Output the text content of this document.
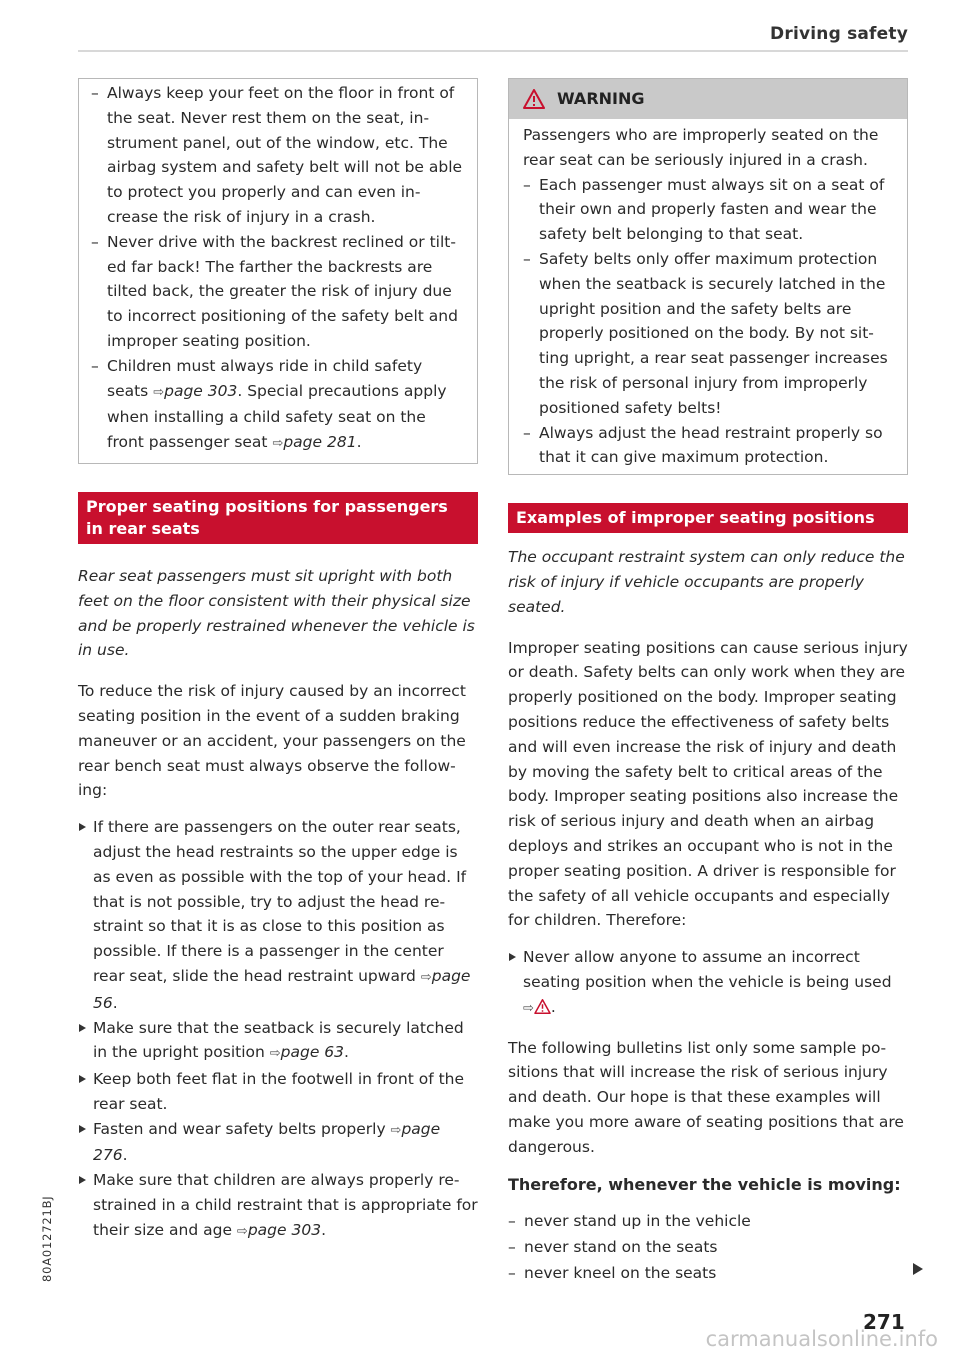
Driving safety
– Always keep your feet on the floor in front of the seat. Never rest them on the seat, instrument panel, out of the window, etc. The airbag system and safety belt will not be able to protect you properly and can even increase the risk of injury in a crash.
– Never drive with the backrest reclined or tilted far back! The farther the backrests are tilted back, the greater the risk of injury due to incorrect positioning of the safety belt and improper seating position.
– Children must always ride in child safety seats ⇨page 303. Special precautions apply when installing a child safety seat on the front passenger seat ⇨page 281.
Proper seating positions for passengers in rear seats

Rear seat passengers must sit upright with both feet on the floor consistent with their physical size and be properly restrained whenever the vehicle is in use.

To reduce the risk of injury caused by an incorrect seating position in the event of a sudden braking maneuver or an accident, your passengers on the rear bench seat must always observe the following:

If there are passengers on the outer rear seats, adjust the head restraints so the upper edge is as even as possible with the top of your head. If that is not possible, try to adjust the head restraint so that it is as close to this position as possible. If there is a passenger in the center rear seat, slide the head restraint upward ⇨page 56.
Make sure that the seatback is securely latched in the upright position ⇨page 63.
Keep both feet flat in the footwell in front of the rear seat.
Fasten and wear safety belts properly ⇨page 276.
Make sure that children are always properly restrained in a child restraint that is appropriate for their size and age ⇨page 303.
WARNING

Passengers who are improperly seated on the rear seat can be seriously injured in a crash.

– Each passenger must always sit on a seat of their own and properly fasten and wear the safety belt belonging to that seat.
– Safety belts only offer maximum protection when the seatback is securely latched in the upright position and the safety belts are properly positioned on the body. By not sitting upright, a rear seat passenger increases the risk of personal injury from improperly positioned safety belts!
– Always adjust the head restraint properly so that it can give maximum protection.
Examples of improper seating positions

The occupant restraint system can only reduce the risk of injury if vehicle occupants are properly seated.

Improper seating positions can cause serious injury or death. Safety belts can only work when they are properly positioned on the body. Improper seating positions reduce the effectiveness of safety belts and will even increase the risk of injury and death by moving the safety belt to critical areas of the body. Improper seating positions also increase the risk of serious injury and death when an airbag deploys and strikes an occupant who is not in the proper seating position. A driver is responsible for the safety of all vehicle occupants and especially for children. Therefore:

Never allow anyone to assume an incorrect seating position when the vehicle is being used
⇨ .

The following bulletins list only some sample positions that will increase the risk of serious injury and death. Our hope is that these examples will make you more aware of seating positions that are dangerous.

Therefore, whenever the vehicle is moving:

– never stand up in the vehicle
– never stand on the seats
– never kneel on the seats
271
80A012721BJ
carmanualsonline.info
